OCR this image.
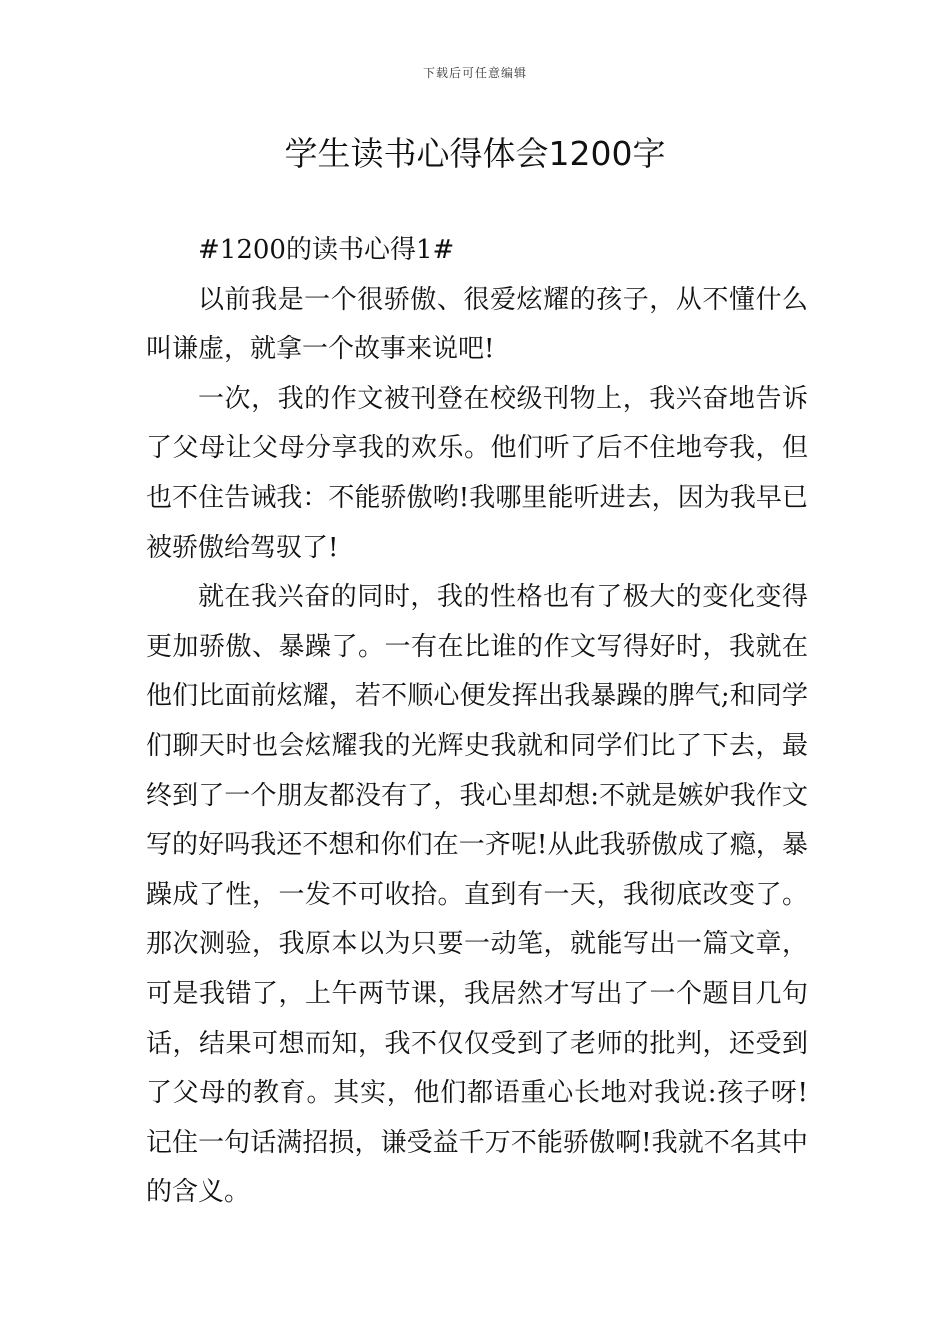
下载后可任意编辑
学生读书心得体会1200字

#1200的读书心得1#

以前我是一个很骄傲、很爱炫耀的孩子，从不懂什么叫谦虚，就拿一个故事来说吧!

一次，我的作文被刊登在校级刊物上，我兴奋地告诉了父母让父母分享我的欢乐。他们听了后不住地夸我，但也不住告诫我：不能骄傲哟!我哪里能听进去，因为我早已被骄傲给驾驭了!

就在我兴奋的同时，我的性格也有了极大的变化变得更加骄傲、暴躁了。一有在比谁的作文写得好时，我就在他们比面前炫耀，若不顺心便发挥出我暴躁的脾气;和同学们聊天时也会炫耀我的光辉史我就和同学们比了下去，最终到了一个朋友都没有了，我心里却想:不就是嫉妒我作文写的好吗我还不想和你们在一齐呢!从此我骄傲成了瘾，暴躁成了性，一发不可收拾。直到有一天，我彻底改变了。那次测验，我原本以为只要一动笔，就能写出一篇文章，可是我错了，上午两节课，我居然才写出了一个题目几句话，结果可想而知，我不仅仅受到了老师的批判，还受到了父母的教育。其实，他们都语重心长地对我说:孩子呀!记住一句话满招损，谦受益千万不能骄傲啊!我就不名其中的含义。
